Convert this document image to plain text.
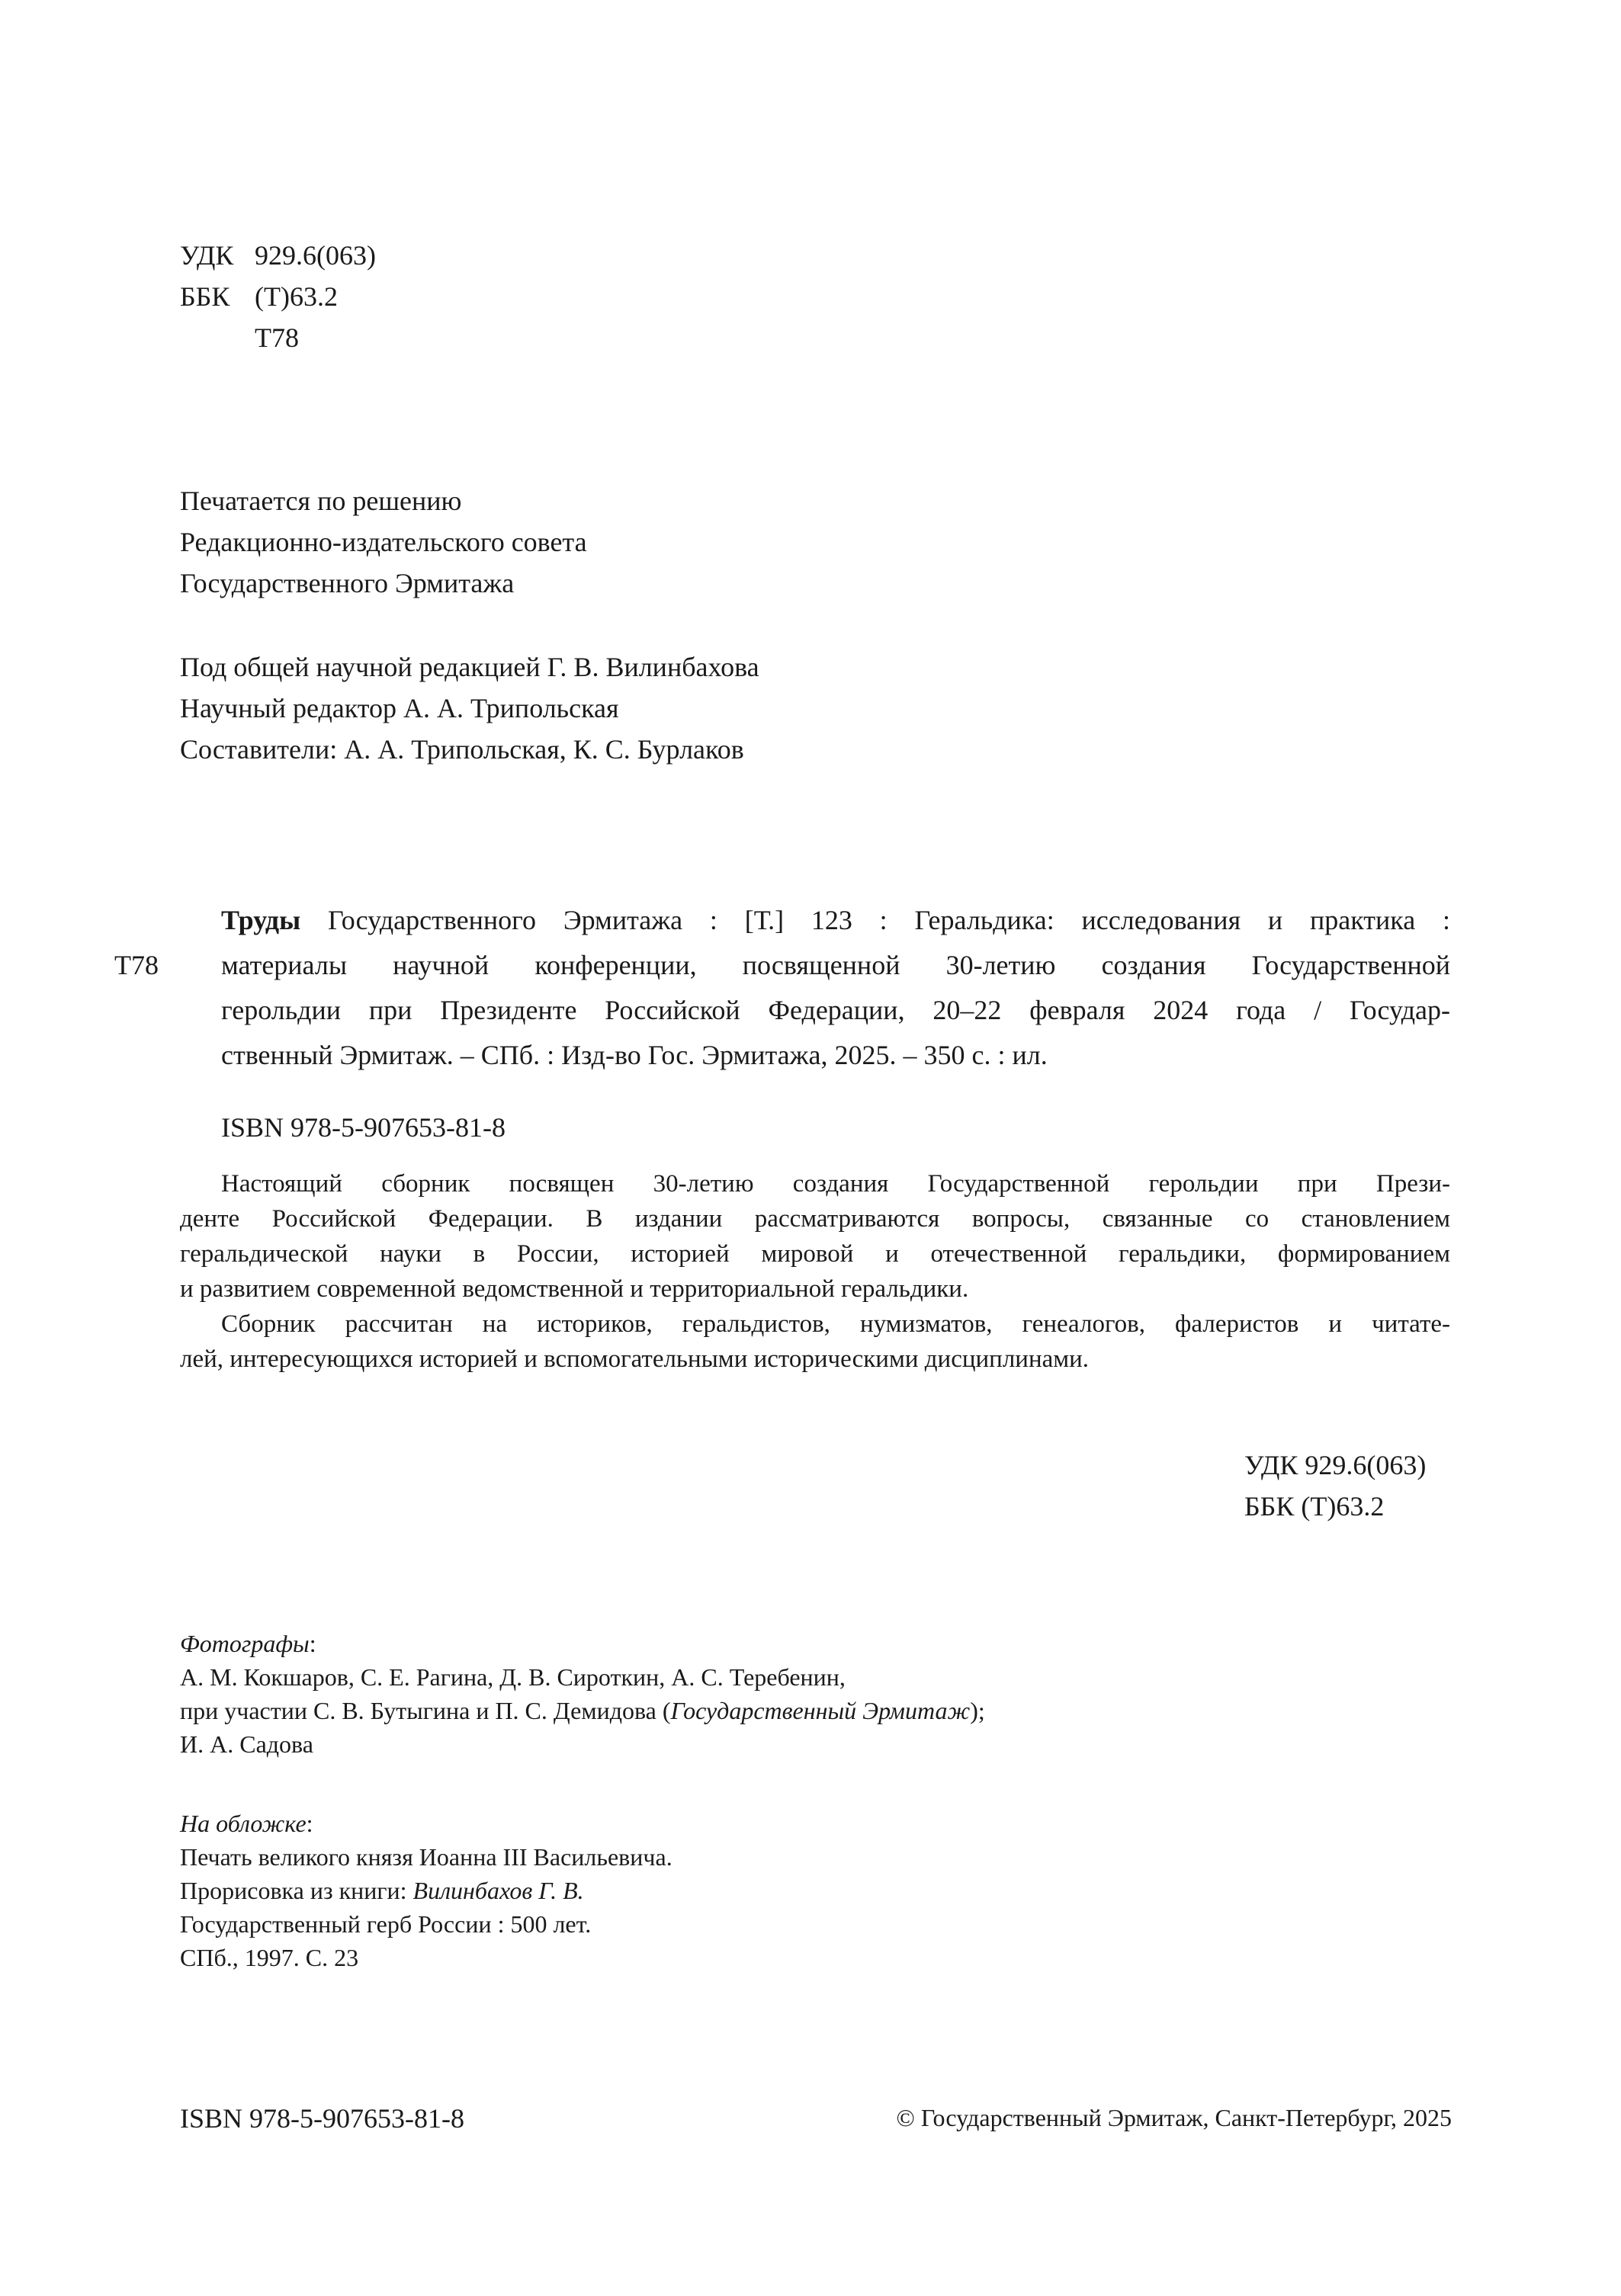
УДК 929.6(063)
ББК (Т)63.2
Т78
Печатается по решению
Редакционно-издательского совета
Государственного Эрмитажа
Под общей научной редакцией Г. В. Вилинбахова
Научный редактор А. А. Трипольская
Составители: А. А. Трипольская, К. С. Бурлаков
Т78
Труды Государственного Эрмитажа : [Т.] 123 : Геральдика: исследования и практика :
материалы научной конференции, посвященной 30-летию создания Государственной
герольдии при Президенте Российской Федерации, 20–22 февраля 2024 года / Государ-
ственный Эрмитаж. – СПб. : Изд-во Гос. Эрмитажа, 2025. – 350 с. : ил.
ISBN 978-5-907653-81-8
Настоящий сборник посвящен 30-летию создания Государственной герольдии при Прези-
денте Российской Федерации. В издании рассматриваются вопросы, связанные со становлением
геральдической науки в России, историей мировой и отечественной геральдики, формированием
и развитием современной ведомственной и территориальной геральдики.
Сборник рассчитан на историков, геральдистов, нумизматов, генеалогов, фалеристов и читате-
лей, интересующихся историей и вспомогательными историческими дисциплинами.
УДК 929.6(063)
ББК (Т)63.2
Фотографы:
А. М. Кокшаров, С. Е. Рагина, Д. В. Сироткин, А. С. Теребенин,
при участии С. В. Бутыгина и П. С. Демидова (Государственный Эрмитаж);
И. А. Садова
На обложке:
Печать великого князя Иоанна III Васильевича.
Прорисовка из книги: Вилинбахов Г. В.
Государственный герб России : 500 лет.
СПб., 1997. С. 23
ISBN 978-5-907653-81-8	© Государственный Эрмитаж, Санкт-Петербург, 2025
